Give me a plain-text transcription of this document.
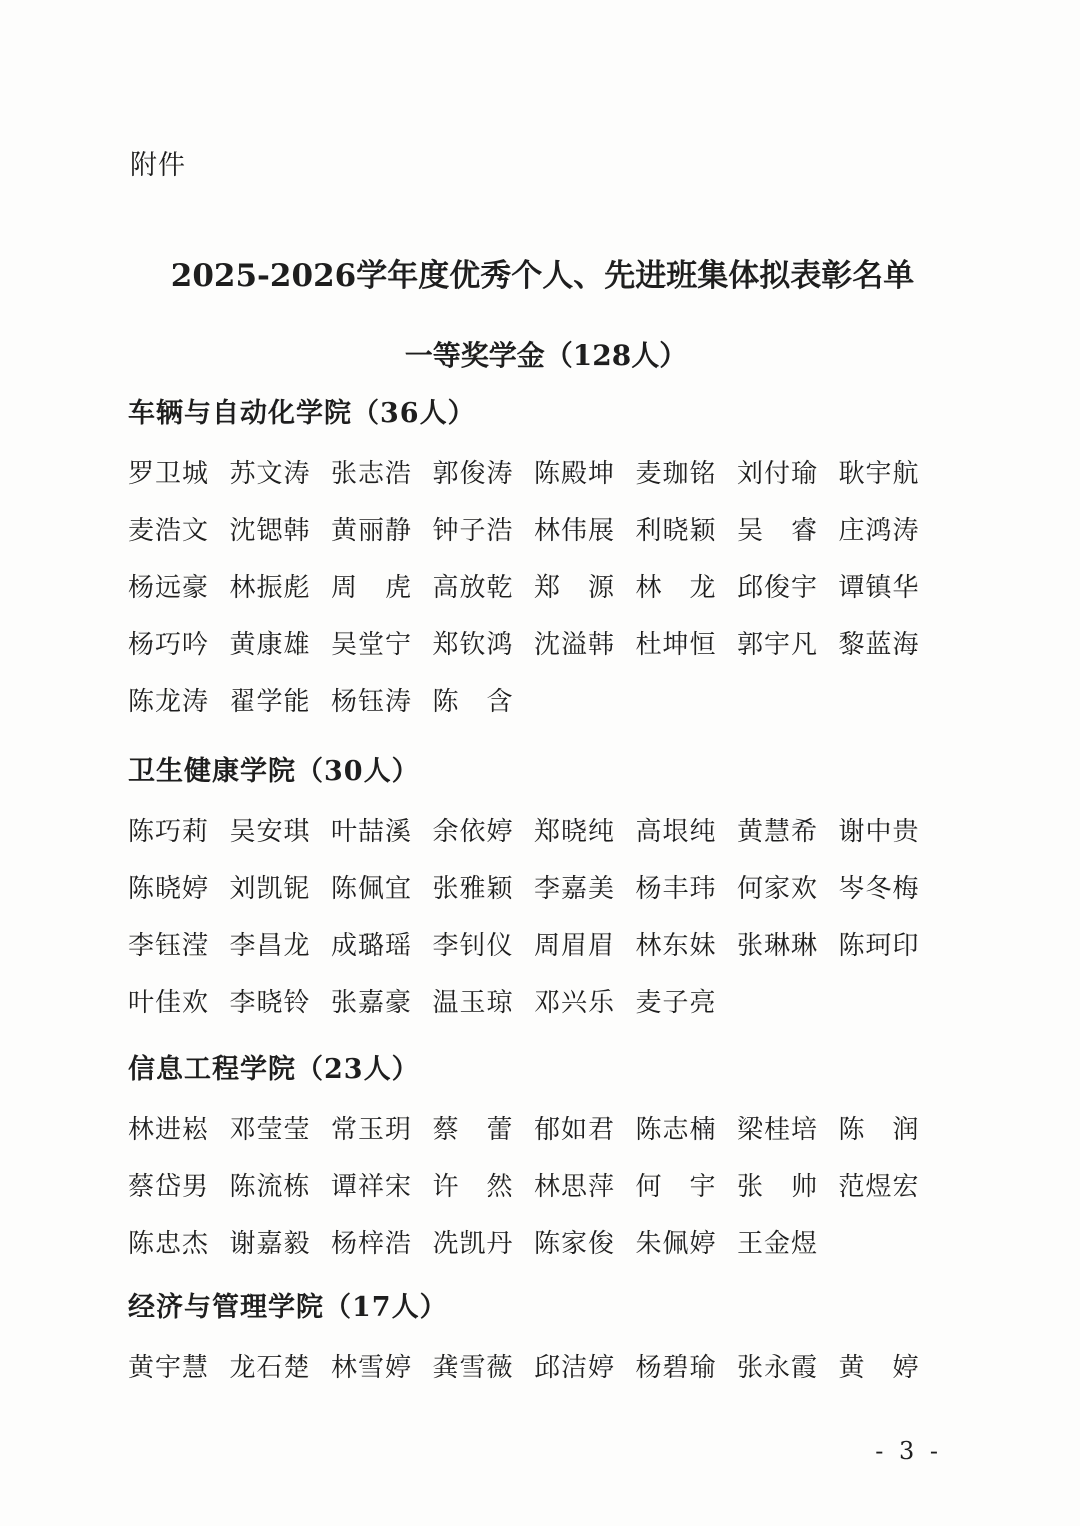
附件
2025-2026学年度优秀个人、先进班集体拟表彰名单
一等奖学金（128人）
车辆与自动化学院（36人）
罗卫城 苏文涛 张志浩 郭俊涛 陈殿坤 麦珈铭 刘付瑜 耿宇航
麦浩文 沈锶韩 黄丽静 钟子浩 林伟展 利晓颖 吴 睿 庄鸿涛
杨远豪 林振彪 周 虎 高放乾 郑 源 林 龙 邱俊宇 谭镇华
杨巧吟 黄康雄 吴堂宁 郑钦鸿 沈溢韩 杜坤恒 郭宇凡 黎蓝海
陈龙涛 翟学能 杨钰涛 陈 含
卫生健康学院（30人）
陈巧莉 吴安琪 叶喆溪 余依婷 郑晓纯 高垠纯 黄慧希 谢中贵
陈晓婷 刘凯铌 陈佩宜 张雅颖 李嘉美 杨丰玮 何家欢 岑冬梅
李钰滢 李昌龙 成璐瑶 李钊仪 周眉眉 林东妹 张琳琳 陈珂印
叶佳欢 李晓铃 张嘉豪 温玉琼 邓兴乐 麦子亮
信息工程学院（23人）
林进崧 邓莹莹 常玉玥 蔡 蕾 郁如君 陈志楠 梁桂培 陈 润
蔡岱男 陈流栋 谭祥宋 许 然 林思萍 何 宇 张 帅 范煜宏
陈忠杰 谢嘉毅 杨梓浩 冼凯丹 陈家俊 朱佩婷 王金煜
经济与管理学院（17人）
黄宇慧 龙石楚 林雪婷 龚雪薇 邱洁婷 杨碧瑜 张永霞 黄 婷
- 3 -
